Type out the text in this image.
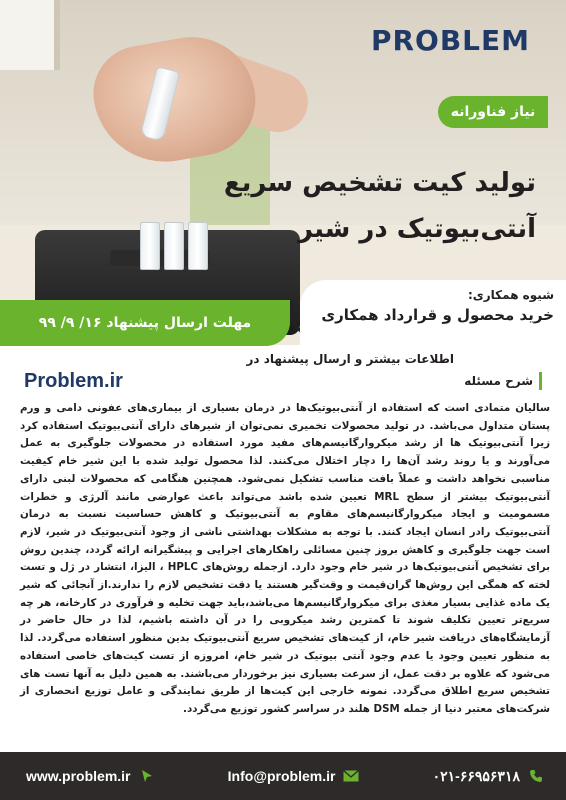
PROBLEM
نیاز فناورانه
تولید کیت تشخیص سریع
آنتی‌بیوتیک در شیر
مهلت ارسال پیشنهاد ۱۶/ ۹/ ۹۹
شیوه همکاری:
خرید محصول و قرارداد همکاری
اطلاعات بیشتر و ارسال پیشنهاد در
Problem.ir	شرح مسئله
سالیان متمادی است که استفاده از آنتی‌بیوتیک‌ها در درمان بسیاری از بیماری‌های عفونی دامی و ورم پستان متداول می‌باشد. در تولید محصولات تخمیری نمی‌توان از شیرهای دارای آنتی‌بیوتیک استفاده کرد زیرا آنتی‌بیوتیک ها از رشد میکروارگانیسم‌های مفید مورد استفاده در محصولات جلوگیری به عمل می‌آورند و یا روند رشد آن‌ها را دچار اختلال می‌کنند. لذا محصول تولید شده با این شیر خام کیفیت مناسبی نخواهد داشت و عملاً بافت مناسب تشکیل نمی‌شود. همچنین هنگامی که محصولات لبنی دارای آنتی‌بیوتیک بیشتر از سطح MRL تعیین شده باشد می‌تواند باعث عوارضی مانند آلرژی و خطرات مسمومیت و ایجاد میکروارگانیسم‌های مقاوم به آنتی‌بیوتیک و کاهش حساسیت نسبت به درمان آنتی‌بیوتیک رادر انسان ایجاد کنند. با توجه به مشکلات بهداشتی ناشی از وجود آنتی‌بیوتیک در شیر، لازم است جهت جلوگیری و کاهش بروز چنین مسائلی راهکارهای اجرایی و پیشگیرانه ارائه گردد، چندین روش برای تشخیص آنتی‌بیوتیک‌ها در شیر خام وجود دارد. ازجمله روش‌های HPLC ، الیزا، انتشار در ژل و تست لخته که همگی این روش‌ها گران‌قیمت و وقت‌گیر هستند یا دقت تشخیص لازم را ندارند.از آنجائی که شیر یک ماده غذایی بسیار مغذی برای میکروارگانیسم‌ها می‌باشد،باید جهت تخلیه و فرآوری در کارخانه، هر چه سریع‌تر تعیین تکلیف شوند تا کمترین رشد میکروبی را در آن داشته باشیم، لذا در حال حاضر در آزمایشگاه‌های دریافت شیر خام، از کیت‌های تشخیص سریع آنتی‌بیوتیک بدین منظور استفاده می‌گردد. لذا به منظور تعیین وجود یا عدم وجود آنتی بیوتیک در شیر خام، امروزه از تست کیت‌های خاصی استفاده می‌شود که علاوه بر دقت عمل، از سرعت بسیاری نیز برخوردار می‌باشند. به همین دلیل به آنها تست های تشخیص سریع اطلاق می‌گردد. نمونه خارجی این کیت‌ها از طریق نمایندگی و عامل توزیع انحصاری از شرکت‌های معتبر دنیا از جمله DSM هلند در سراسر کشور توزیع می‌گردد.
www.problem.ir	Info@problem.ir	۰۲۱-۶۶۹۵۶۳۱۸
